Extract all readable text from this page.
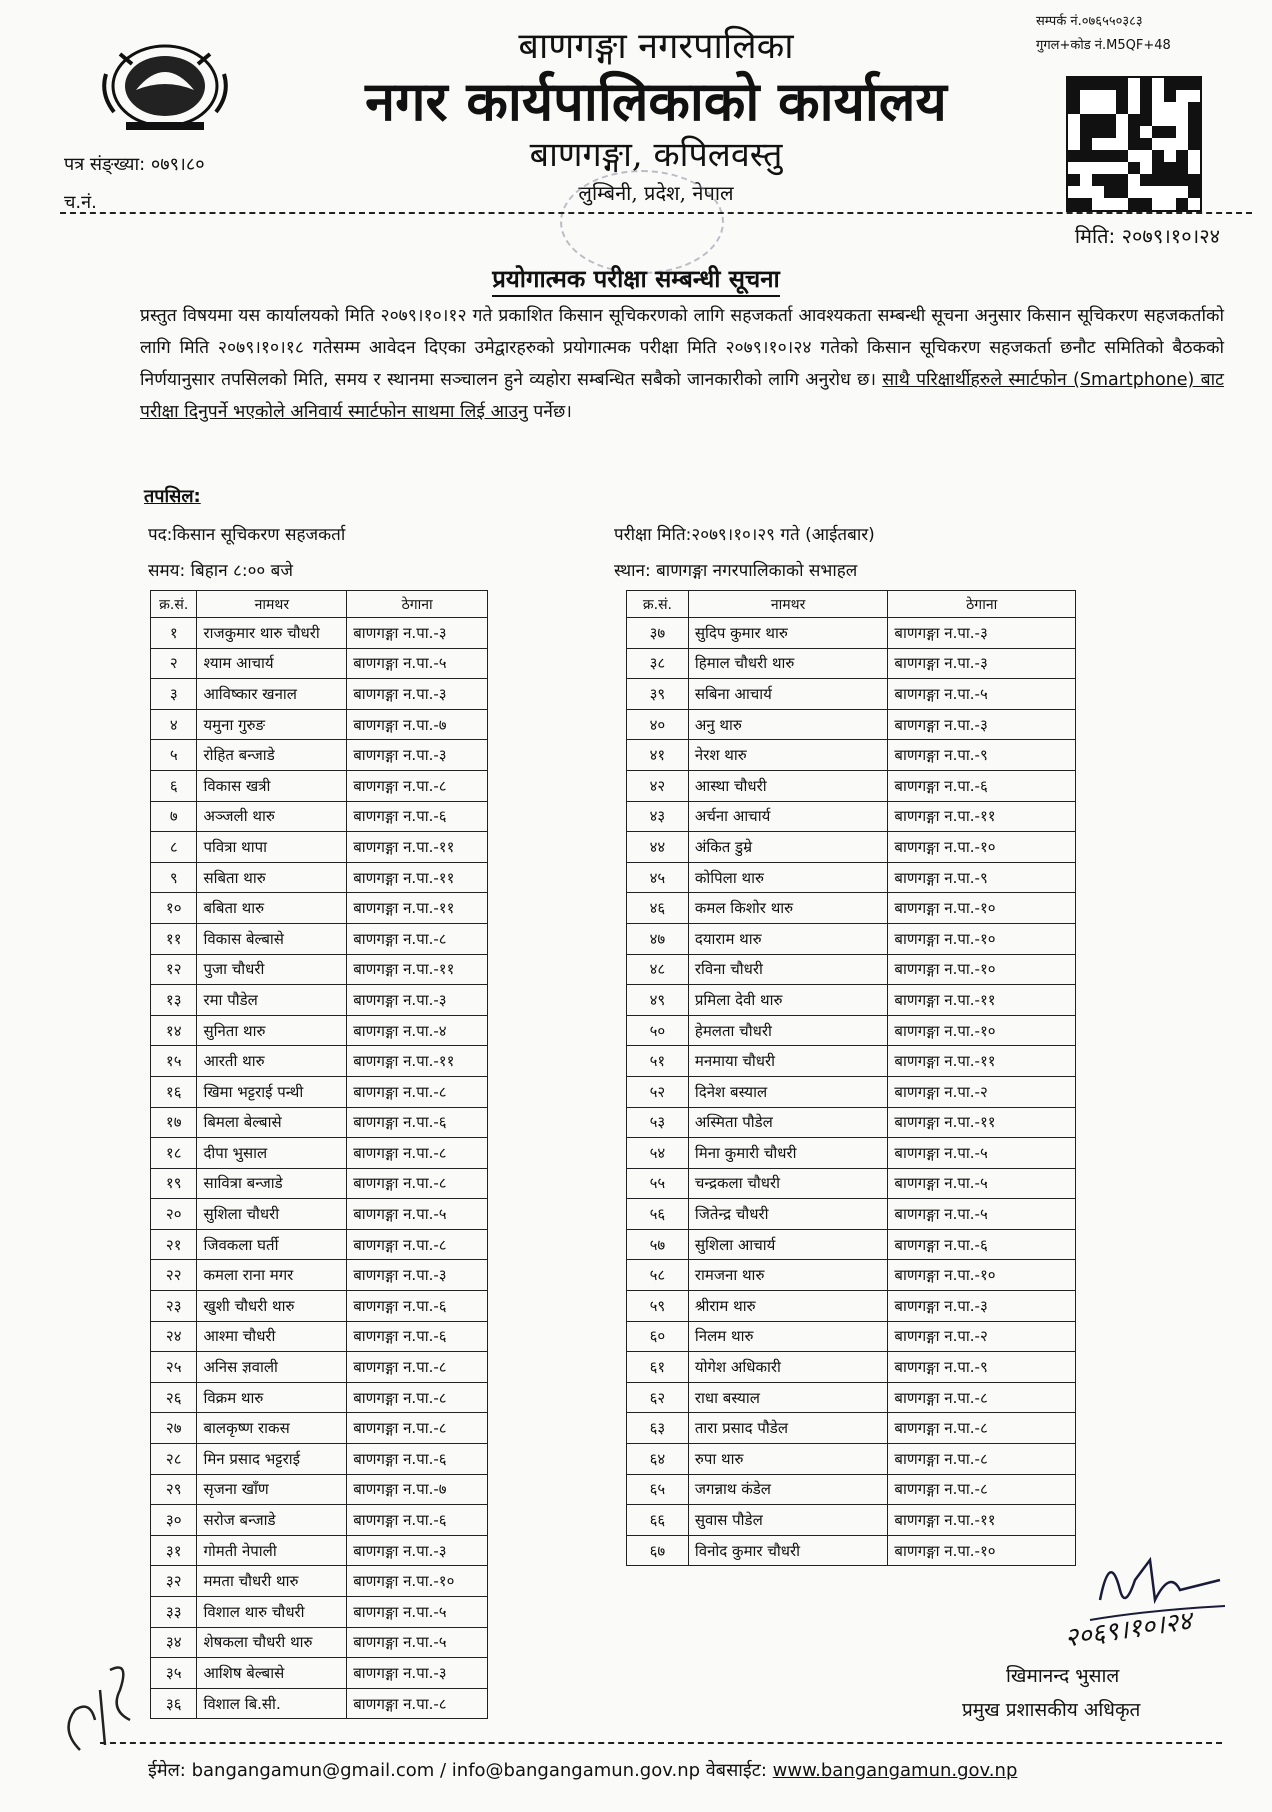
सम्पर्क नं.०७६५५०३८३
गुगल+कोड नं.M5QF+48
बाणगङ्गा नगरपालिका
नगर कार्यपालिकाको कार्यालय
बाणगङ्गा, कपिलवस्तु
लुम्बिनी, प्रदेश, नेपाल
पत्र संङ्ख्या: ०७९।८०
च.नं.
मिति: २०७९।१०।२४
प्रयोगात्मक परीक्षा सम्बन्धी सूचना
प्रस्तुत विषयमा यस कार्यालयको मिति २०७९।१०।१२ गते प्रकाशित किसान सूचिकरणको लागि सहजकर्ता आवश्यकता सम्बन्धी सूचना अनुसार किसान सूचिकरण सहजकर्ताको लागि मिति २०७९।१०।१८ गतेसम्म आवेदन दिएका उमेद्वारहरुको प्रयोगात्मक परीक्षा मिति २०७९।१०।२४ गतेको किसान सूचिकरण सहजकर्ता छनौट समितिको बैठकको निर्णयानुसार तपसिलको मिति, समय र स्थानमा सञ्चालन हुने व्यहोरा सम्बन्धित सबैको जानकारीको लागि अनुरोध छ। साथै परिक्षार्थीहरुले स्मार्टफोन (Smartphone) बाट परीक्षा दिनुपर्ने भएकोले अनिवार्य स्मार्टफोन साथमा लिई आउनु पर्नेछ।
तपसिल:
पद:किसान सूचिकरण सहजकर्ता
समय: बिहान ८:०० बजे
परीक्षा मिति:२०७९।१०।२९ गते (आईतबार)
स्थान: बाणगङ्गा नगरपालिकाको सभाहल
क्र.सं.	नामथर	ठेगाना
१	राजकुमार थारु चौधरी	बाणगङ्गा न.पा.-३
२	श्याम आचार्य	बाणगङ्गा न.पा.-५
३	आविष्कार खनाल	बाणगङ्गा न.पा.-३
४	यमुना गुरुङ	बाणगङ्गा न.पा.-७
५	रोहित बन्जाडे	बाणगङ्गा न.पा.-३
६	विकास खत्री	बाणगङ्गा न.पा.-८
७	अञ्जली थारु	बाणगङ्गा न.पा.-६
८	पवित्रा थापा	बाणगङ्गा न.पा.-११
९	सबिता थारु	बाणगङ्गा न.पा.-११
१०	बबिता थारु	बाणगङ्गा न.पा.-११
११	विकास बेल्बासे	बाणगङ्गा न.पा.-८
१२	पुजा चौधरी	बाणगङ्गा न.पा.-११
१३	रमा पौडेल	बाणगङ्गा न.पा.-३
१४	सुनिता थारु	बाणगङ्गा न.पा.-४
१५	आरती थारु	बाणगङ्गा न.पा.-११
१६	खिमा भट्टराई पन्थी	बाणगङ्गा न.पा.-८
१७	बिमला बेल्बासे	बाणगङ्गा न.पा.-६
१८	दीपा भुसाल	बाणगङ्गा न.पा.-८
१९	सावित्रा बन्जाडे	बाणगङ्गा न.पा.-८
२०	सुशिला चौधरी	बाणगङ्गा न.पा.-५
२१	जिवकला घर्ती	बाणगङ्गा न.पा.-८
२२	कमला राना मगर	बाणगङ्गा न.पा.-३
२३	खुशी चौधरी थारु	बाणगङ्गा न.पा.-६
२४	आश्मा चौधरी	बाणगङ्गा न.पा.-६
२५	अनिस ज्ञवाली	बाणगङ्गा न.पा.-८
२६	विक्रम थारु	बाणगङ्गा न.पा.-८
२७	बालकृष्ण राकस	बाणगङ्गा न.पा.-८
२८	मिन प्रसाद भट्टराई	बाणगङ्गा न.पा.-६
२९	सृजना खाँण	बाणगङ्गा न.पा.-७
३०	सरोज बन्जाडे	बाणगङ्गा न.पा.-६
३१	गोमती नेपाली	बाणगङ्गा न.पा.-३
३२	ममता चौधरी थारु	बाणगङ्गा न.पा.-१०
३३	विशाल थारु चौधरी	बाणगङ्गा न.पा.-५
३४	शेषकला चौधरी थारु	बाणगङ्गा न.पा.-५
३५	आशिष बेल्बासे	बाणगङ्गा न.पा.-३
३६	विशाल बि.सी.	बाणगङ्गा न.पा.-८
क्र.सं.	नामथर	ठेगाना
३७	सुदिप कुमार थारु	बाणगङ्गा न.पा.-३
३८	हिमाल चौधरी थारु	बाणगङ्गा न.पा.-३
३९	सबिना आचार्य	बाणगङ्गा न.पा.-५
४०	अनु थारु	बाणगङ्गा न.पा.-३
४१	नेरश थारु	बाणगङ्गा न.पा.-९
४२	आस्था चौधरी	बाणगङ्गा न.पा.-६
४३	अर्चना आचार्य	बाणगङ्गा न.पा.-११
४४	अंकित डुम्रे	बाणगङ्गा न.पा.-१०
४५	कोपिला थारु	बाणगङ्गा न.पा.-९
४६	कमल किशोर थारु	बाणगङ्गा न.पा.-१०
४७	दयाराम थारु	बाणगङ्गा न.पा.-१०
४८	रविना चौधरी	बाणगङ्गा न.पा.-१०
४९	प्रमिला देवी थारु	बाणगङ्गा न.पा.-११
५०	हेमलता चौधरी	बाणगङ्गा न.पा.-१०
५१	मनमाया चौधरी	बाणगङ्गा न.पा.-११
५२	दिनेश बस्याल	बाणगङ्गा न.पा.-२
५३	अस्मिता पौडेल	बाणगङ्गा न.पा.-११
५४	मिना कुमारी चौधरी	बाणगङ्गा न.पा.-५
५५	चन्द्रकला चौधरी	बाणगङ्गा न.पा.-५
५६	जितेन्द्र चौधरी	बाणगङ्गा न.पा.-५
५७	सुशिला आचार्य	बाणगङ्गा न.पा.-६
५८	रामजना थारु	बाणगङ्गा न.पा.-१०
५९	श्रीराम थारु	बाणगङ्गा न.पा.-३
६०	निलम थारु	बाणगङ्गा न.पा.-२
६१	योगेश अधिकारी	बाणगङ्गा न.पा.-९
६२	राधा बस्याल	बाणगङ्गा न.पा.-८
६३	तारा प्रसाद पौडेल	बाणगङ्गा न.पा.-८
६४	रुपा थारु	बाणगङ्गा न.पा.-८
६५	जगन्नाथ कंडेल	बाणगङ्गा न.पा.-८
६६	सुवास पौडेल	बाणगङ्गा न.पा.-११
६७	विनोद कुमार चौधरी	बाणगङ्गा न.पा.-१०
२०६९।१०।२४
खिमानन्द भुसाल
प्रमुख प्रशासकीय अधिकृत
ईमेल: bangangamun@gmail.com / info@bangangamun.gov.np वेबसाईट: www.bangangamun.gov.np
